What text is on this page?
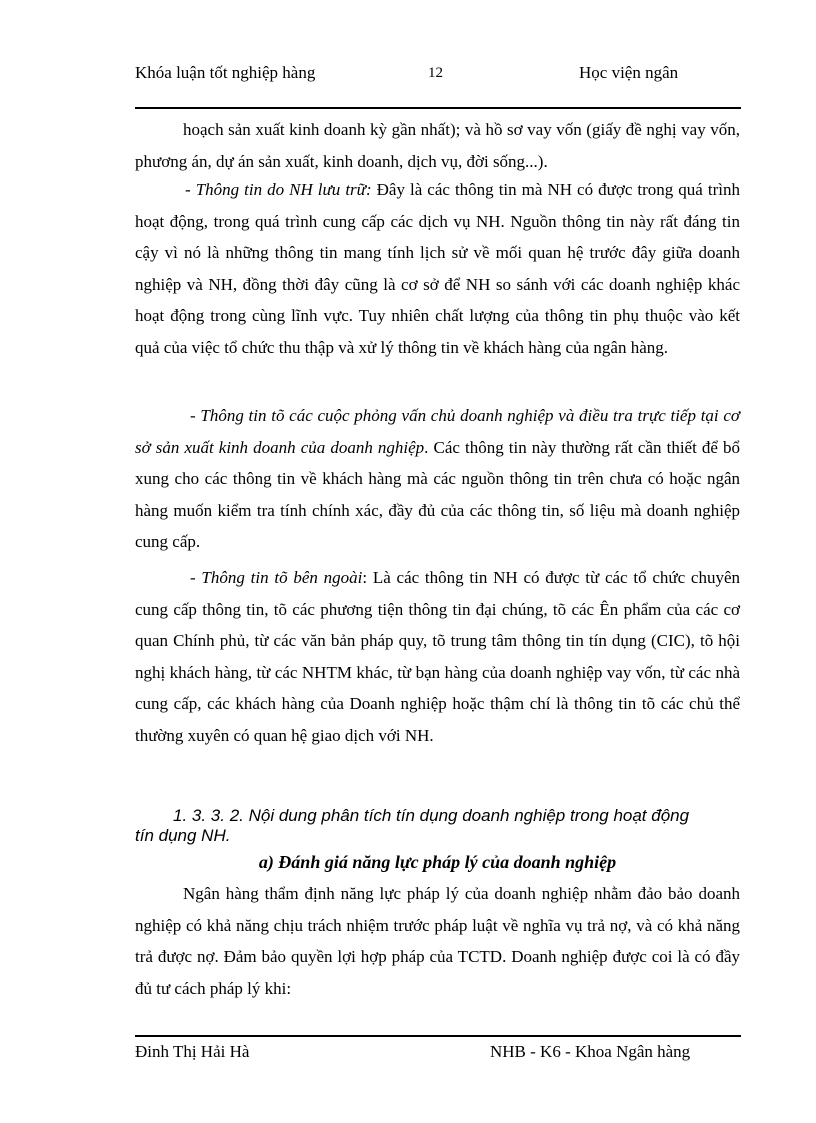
Khóa luận tốt nghiệp hàng	12	Học viện ngân
hoạch sản xuất kinh doanh kỳ gần nhất); và hồ sơ vay vốn (giấy đề nghị vay vốn, phương án, dự án sản xuất, kinh doanh, dịch vụ, đời sống...).
- Thông tin do NH lưu trữ: Đây là các thông tin mà NH có được trong quá trình hoạt động, trong quá trình cung cấp các dịch vụ NH. Nguồn thông tin này rất đáng tin cậy vì nó là những thông tin mang tính lịch sử về mối quan hệ trước đây giữa doanh nghiệp và NH, đồng thời đây cũng là cơ sở để NH so sánh với các doanh nghiệp khác hoạt động trong cùng lĩnh vực. Tuy nhiên chất lượng của thông tin phụ thuộc vào kết quả của việc tổ chức thu thập và xử lý thông tin về khách hàng của ngân hàng.
- Thông tin tõ các cuộc phỏng vấn chủ doanh nghiệp và điều tra trực tiếp tại cơ sở sản xuất kinh doanh của doanh nghiệp. Các thông tin này thường rất cần thiết để bổ xung cho các thông tin về khách hàng mà các nguồn thông tin trên chưa có hoặc ngân hàng muốn kiểm tra tính chính xác, đầy đủ của các thông tin, số liệu mà doanh nghiệp cung cấp.
- Thông tin tõ bên ngoài: Là các thông tin NH có được từ các tổ chức chuyên cung cấp thông tin, tõ các phương tiện thông tin đại chúng, tõ các Ên phẩm của các cơ quan Chính phủ, từ các văn bản pháp quy, tõ trung tâm thông tin tín dụng (CIC), tõ hội nghị khách hàng, từ các NHTM khác, từ bạn hàng của doanh nghiệp vay vốn, từ các nhà cung cấp, các khách hàng của Doanh nghiệp hoặc thậm chí là thông tin tõ các chủ thể thường xuyên có quan hệ giao dịch với NH.
1. 3. 3. 2. Nội dung phân tích tín dụng doanh nghiệp trong hoạt động
tín dụng NH.
a) Đánh giá năng lực pháp lý của doanh nghiệp
Ngân hàng thẩm định năng lực pháp lý của doanh nghiệp nhằm đảo bảo doanh nghiệp có khả năng chịu trách nhiệm trước pháp luật về nghĩa vụ trả nợ, và có khả năng trả được nợ. Đảm bảo quyền lợi hợp pháp của TCTD. Doanh nghiệp được coi là có đầy đủ tư cách pháp lý khi:
Đinh Thị Hải Hà	NHB - K6 - Khoa Ngân hàng
